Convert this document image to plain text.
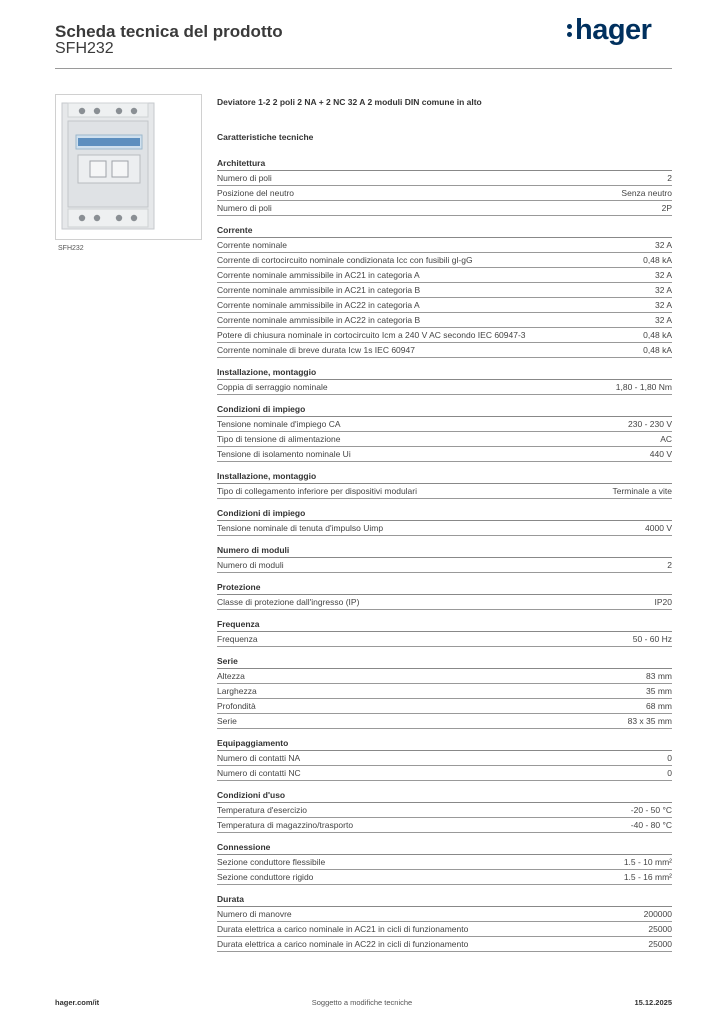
Scheda tecnica del prodotto
SFH232
hager
SFH232
Deviatore 1-2 2 poli 2 NA + 2 NC 32 A 2 moduli DIN comune in alto
Caratteristiche tecniche
Architettura
Numero di poli	2
Posizione del neutro	Senza neutro
Numero di poli	2P
Corrente
Corrente nominale	32 A
Corrente di cortocircuito nominale condizionata Icc con fusibili gl-gG	0,48 kA
Corrente nominale ammissibile in AC21 in categoria A	32 A
Corrente nominale ammissibile in AC21 in categoria B	32 A
Corrente nominale ammissibile in AC22 in categoria A	32 A
Corrente nominale ammissibile in AC22 in categoria B	32 A
Potere di chiusura nominale in cortocircuito Icm a 240 V AC secondo IEC 60947-3	0,48 kA
Corrente nominale di breve durata Icw 1s IEC 60947	0,48 kA
Installazione, montaggio
Coppia di serraggio nominale	1,80 - 1,80 Nm
Condizioni di impiego
Tensione nominale d'impiego CA	230 - 230 V
Tipo di tensione di alimentazione	AC
Tensione di isolamento nominale Ui	440 V
Installazione, montaggio
Tipo di collegamento inferiore per dispositivi modulari	Terminale a vite
Condizioni di impiego
Tensione nominale di tenuta d'impulso Uimp	4000 V
Numero di moduli
Numero di moduli	2
Protezione
Classe di protezione dall'ingresso (IP)	IP20
Frequenza
Frequenza	50 - 60 Hz
Serie
Altezza	83 mm
Larghezza	35 mm
Profondità	68 mm
Serie	83 x 35 mm
Equipaggiamento
Numero di contatti NA	0
Numero di contatti NC	0
Condizioni d'uso
Temperatura d'esercizio	-20 - 50 °C
Temperatura di magazzino/trasporto	-40 - 80 °C
Connessione
Sezione conduttore flessibile	1.5 - 10 mm²
Sezione conduttore rigido	1.5 - 16 mm²
Durata
Numero di manovre	200000
Durata elettrica a carico nominale in AC21 in cicli di funzionamento	25000
Durata elettrica a carico nominale in AC22 in cicli di funzionamento	25000
hager.com/it	Soggetto a modifiche tecniche	15.12.2025
